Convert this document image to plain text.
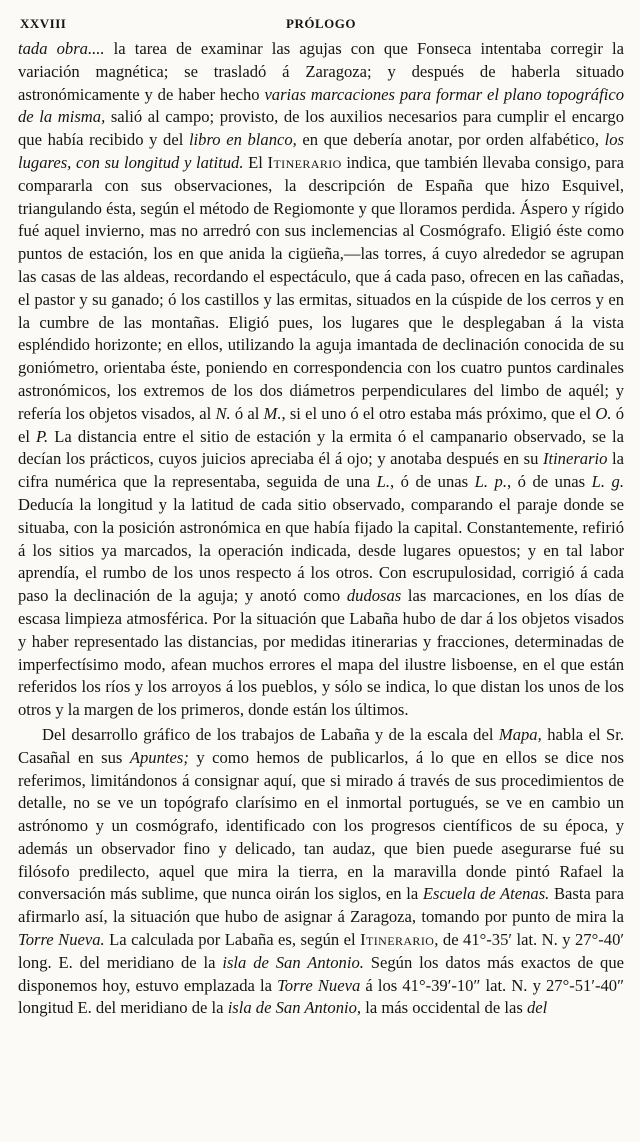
XXVIII	PRÓLOGO

tada obra.... la tarea de examinar las agujas con que Fonseca intentaba corregir la variación magnética; se trasladó á Zaragoza; y después de haberla situado astronómicamente y de haber hecho varias marcaciones para formar el plano topográfico de la misma, salió al campo; provisto, de los auxilios necesarios para cumplir el encargo que había recibido y del libro en blanco, en que debería anotar, por orden alfabético, los lugares, con su longitud y latitud. El Itinerario indica, que también llevaba consigo, para compararla con sus observaciones, la descripción de España que hizo Esquivel, triangulando ésta, según el método de Regiomonte y que lloramos perdida. Áspero y rígido fué aquel invierno, mas no arredró con sus inclemencias al Cosmógrafo. Eligió éste como puntos de estación, los en que anida la cigüeña,—las torres, á cuyo alrededor se agrupan las casas de las aldeas, recordando el espectáculo, que á cada paso, ofrecen en las cañadas, el pastor y su ganado; ó los castillos y las ermitas, situados en la cúspide de los cerros y en la cumbre de las montañas. Eligió pues, los lugares que le desplegaban á la vista espléndido horizonte; en ellos, utilizando la aguja imantada de declinación conocida de su goniómetro, orientaba éste, poniendo en correspondencia con los cuatro puntos cardinales astronómicos, los extremos de los dos diámetros perpendiculares del limbo de aquél; y refería los objetos visados, al N. ó al M., si el uno ó el otro estaba más próximo, que el O. ó el P. La distancia entre el sitio de estación y la ermita ó el campanario observado, se la decían los prácticos, cuyos juicios apreciaba él á ojo; y anotaba después en su Itinerario la cifra numérica que la representaba, seguida de una L., ó de unas L. p., ó de unas L. g. Deducía la longitud y la latitud de cada sitio observado, comparando el paraje donde se situaba, con la posición astronómica en que había fijado la capital. Constantemente, refirió á los sitios ya marcados, la operación indicada, desde lugares opuestos; y en tal labor aprendía, el rumbo de los unos respecto á los otros. Con escrupulosidad, corrigió á cada paso la declinación de la aguja; y anotó como dudosas las marcaciones, en los días de escasa limpieza atmosférica. Por la situación que Labaña hubo de dar á los objetos visados y haber representado las distancias, por medidas itinerarias y fracciones, determinadas de imperfectísimo modo, afean muchos errores el mapa del ilustre lisboense, en el que están referidos los ríos y los arroyos á los pueblos, y sólo se indica, lo que distan los unos de los otros y la margen de los primeros, donde están los últimos.

Del desarrollo gráfico de los trabajos de Labaña y de la escala del Mapa, habla el Sr. Casañal en sus Apuntes; y como hemos de publicarlos, á lo que en ellos se dice nos referimos, limitándonos á consignar aquí, que si mirado á través de sus procedimientos de detalle, no se ve un topógrafo clarísimo en el inmortal portugués, se ve en cambio un astrónomo y un cosmógrafo, identificado con los progresos científicos de su época, y además un observador fino y delicado, tan audaz, que bien puede asegurarse fué su filósofo predilecto, aquel que mira la tierra, en la maravilla donde pintó Rafael la conversación más sublime, que nunca oirán los siglos, en la Escuela de Atenas. Basta para afirmarlo así, la situación que hubo de asignar á Zaragoza, tomando por punto de mira la Torre Nueva. La calculada por Labaña es, según el Itinerario, de 41°-35′ lat. N. y 27°-40′ long. E. del meridiano de la isla de San Antonio. Según los datos más exactos de que disponemos hoy, estuvo emplazada la Torre Nueva á los 41°-39′-10″ lat. N. y 27°-51′-40″ longitud E. del meridiano de la isla de San Antonio, la más occidental de las del
